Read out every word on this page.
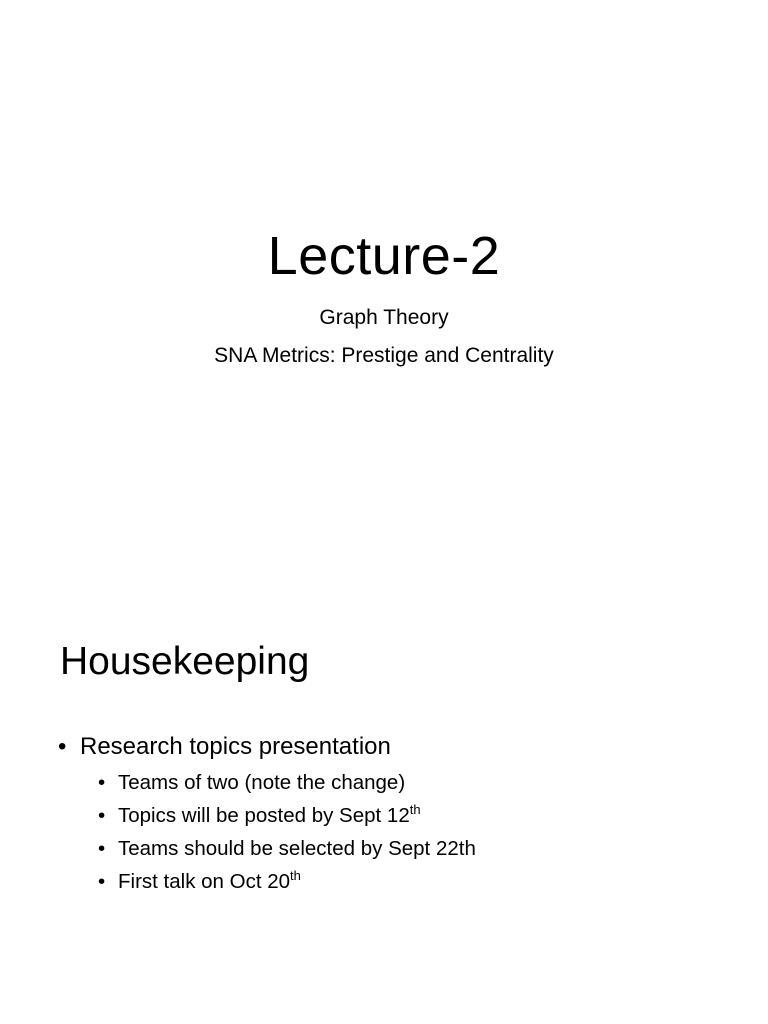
Lecture-2
Graph Theory
SNA Metrics: Prestige and Centrality
Housekeeping
• Research topics presentation
• Teams of two (note the change)
• Topics will be posted by Sept 12th
• Teams should be selected by Sept 22th
• First talk on Oct 20th
